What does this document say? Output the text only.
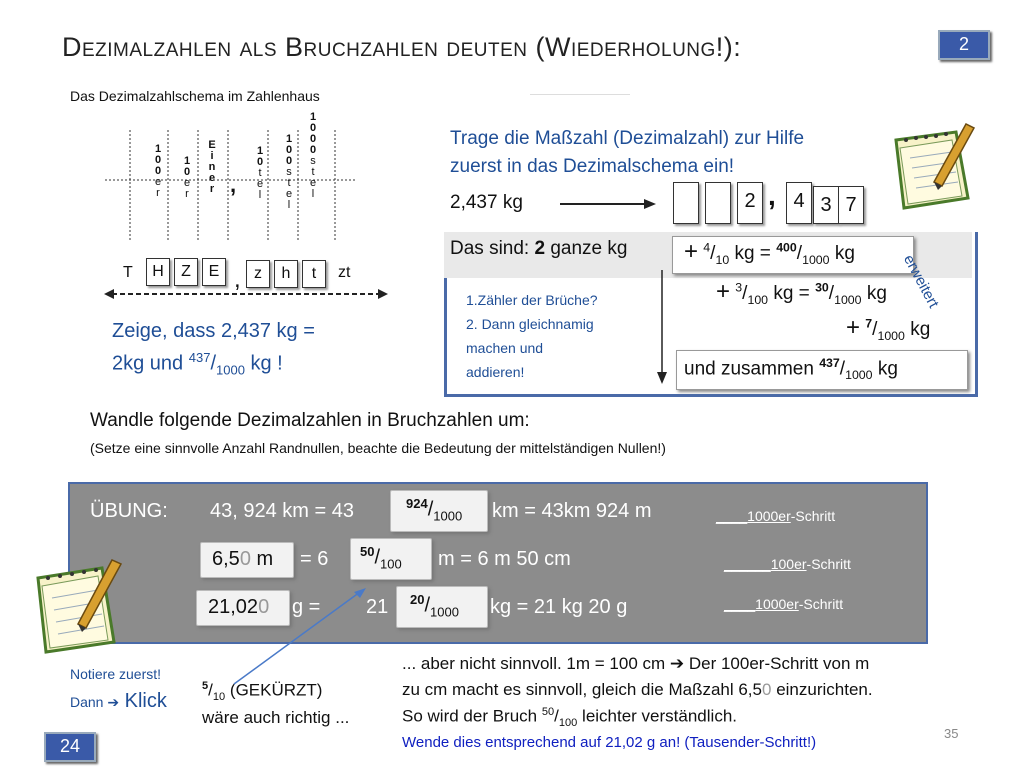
Dezimalzahlen als Bruchzahlen deuten (Wiederholung!):	2
Das Dezimalzahlschema im Zahlenhaus
1
0
0
e
r
1
0
e
r
E
i
n
e
r
1
0
t
e
l
1
0
0
s
t
e
l
1
0
0
0
s
t
e
l
,
T	H	Z	E , z	h	t	zt
Zeige, dass 2,437 kg =
2kg und $^{437}/_{1000}$ kg !
Trage die Maßzahl (Dezimalzahl) zur Hilfe
zuerst in das Dezimalschema ein!
2,437 kg	2 , 4 3 7
Das sind: 2 ganze kg + $^4/_{10}$ kg = $^{400}/_{1000}$ kg	erweitert
1.Zähler der Brüche?
2. Dann gleichnamig
machen und
addieren!
+ $^3/_{100}$ kg = $^{30}/_{1000}$ kg
+ $^7/_{1000}$ kg
und zusammen $^{437}/_{1000}$ kg
Wandle folgende Dezimalzahlen in Bruchzahlen um:
(Setze eine sinnvolle Anzahl Randnullen, beachte die Bedeutung der mittelständigen Nullen!)
ÜBUNG: 43, 924 km = 43	$^{924}/_{1000}$ km = 43km 924 m	____1000er-Schritt
6,50 m = 6 $^{50}/_{100}$ m = 6 m 50 cm	______100er-Schritt
21,020 g = 21 $^{20}/_{1000}$ kg = 21 kg 20 g	____1000er-Schritt
Notiere zuerst!
Dann ➔ Klick
$^5/_{10}$ (GEKÜRZT)
wäre auch richtig ...
... aber nicht sinnvoll. 1m = 100 cm ➔ Der 100er-Schritt von m
zu cm macht es sinnvoll, gleich die Maßzahl 6,50 einzurichten.
So wird der Bruch $^{50}/_{100}$ leichter verständlich.
Wende dies entsprechend auf 21,02 g an! (Tausender-Schritt!)
35
24
